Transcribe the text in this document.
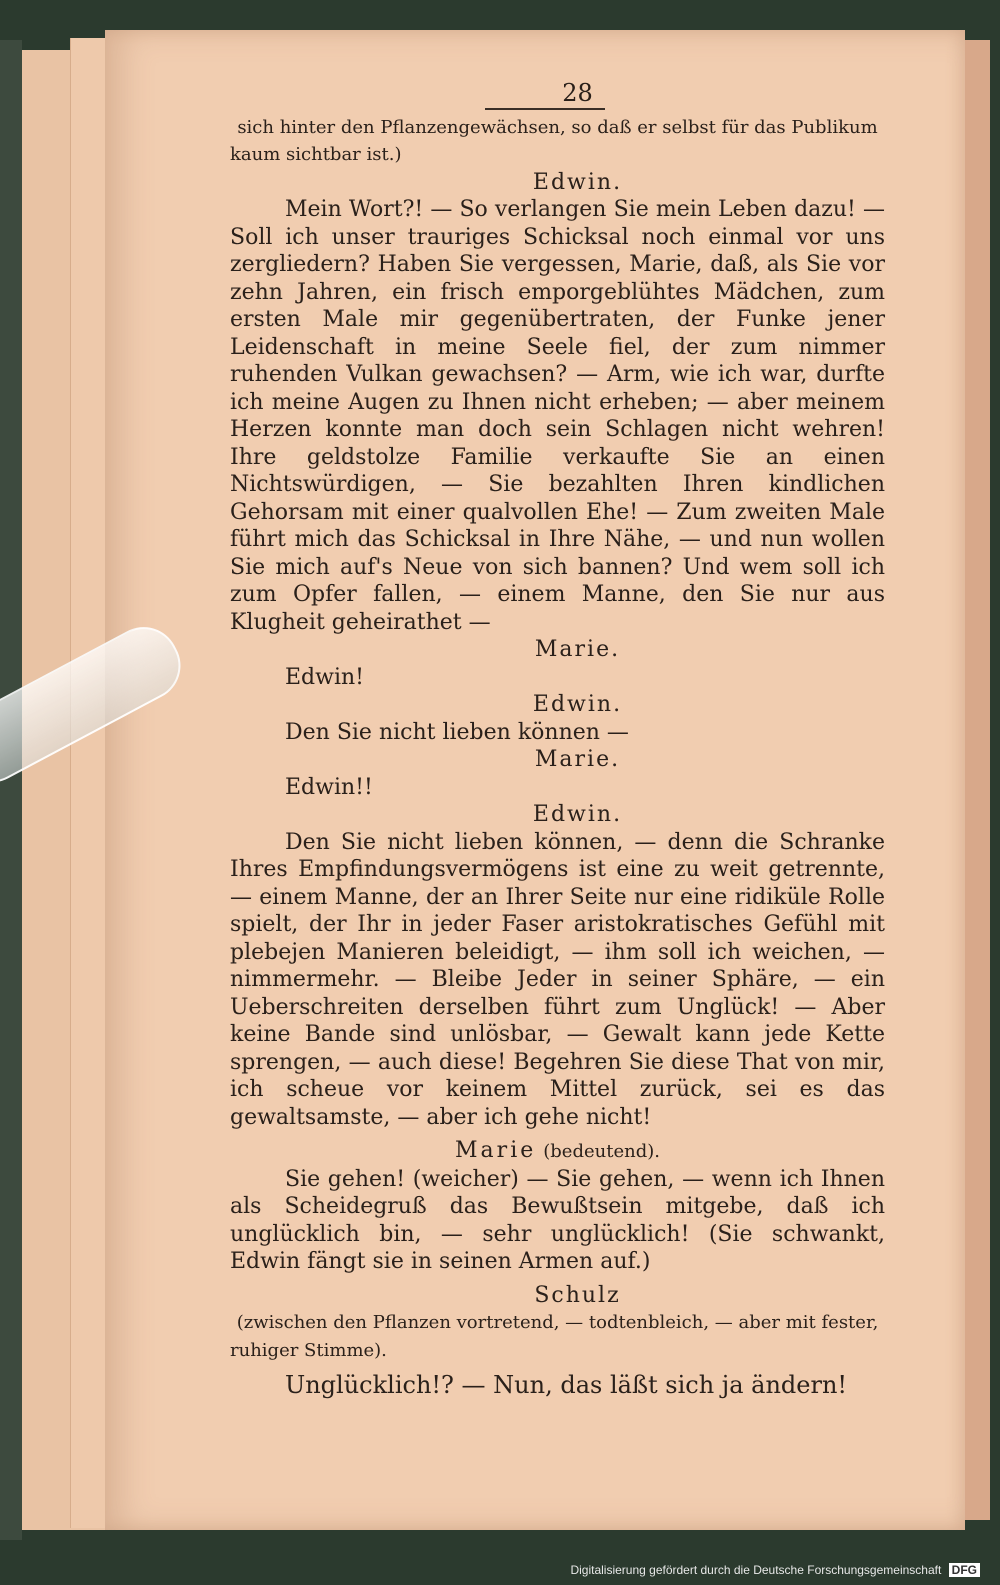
28

sich hinter den Pflanzengewächsen, so daß er selbst für das Publikum kaum sichtbar ist.)

Edwin.

Mein Wort?! — So verlangen Sie mein Leben dazu! — Soll ich unser trauriges Schicksal noch einmal vor uns zergliedern? Haben Sie vergessen, Marie, daß, als Sie vor zehn Jahren, ein frisch emporgeblühtes Mädchen, zum ersten Male mir gegenübertraten, der Funke jener Leidenschaft in meine Seele fiel, der zum nimmer ruhenden Vulkan gewachsen? — Arm, wie ich war, durfte ich meine Augen zu Ihnen nicht erheben; — aber meinem Herzen konnte man doch sein Schlagen nicht wehren! Ihre geldstolze Familie verkaufte Sie an einen Nichtswürdigen, — Sie bezahlten Ihren kindlichen Gehorsam mit einer qualvollen Ehe! — Zum zweiten Male führt mich das Schicksal in Ihre Nähe, — und nun wollen Sie mich auf's Neue von sich bannen? Und wem soll ich zum Opfer fallen, — einem Manne, den Sie nur aus Klugheit geheirathet —

Marie.

Edwin!

Edwin.

Den Sie nicht lieben können —

Marie.

Edwin!!

Edwin.

Den Sie nicht lieben können, — denn die Schranke Ihres Empfindungsvermögens ist eine zu weit getrennte, — einem Manne, der an Ihrer Seite nur eine ridiküle Rolle spielt, der Ihr in jeder Faser aristokratisches Gefühl mit plebejen Manieren beleidigt, — ihm soll ich weichen, — nimmermehr. — Bleibe Jeder in seiner Sphäre, — ein Ueberschreiten derselben führt zum Unglück! — Aber keine Bande sind unlösbar, — Gewalt kann jede Kette sprengen, — auch diese! Begehren Sie diese That von mir, ich scheue vor keinem Mittel zurück, sei es das gewaltsamste, — aber ich gehe nicht!

Marie (bedeutend).

Sie gehen! (weicher) — Sie gehen, — wenn ich Ihnen als Scheidegruß das Bewußtsein mitgebe, daß ich unglücklich bin, — sehr unglücklich! (Sie schwankt, Edwin fängt sie in seinen Armen auf.)

Schulz

(zwischen den Pflanzen vortretend, — todtenbleich, — aber mit fester, ruhiger Stimme).

Unglücklich!? — Nun, das läßt sich ja ändern!

Digitalisierung gefördert durch die Deutsche Forschungsgemeinschaft DFG
